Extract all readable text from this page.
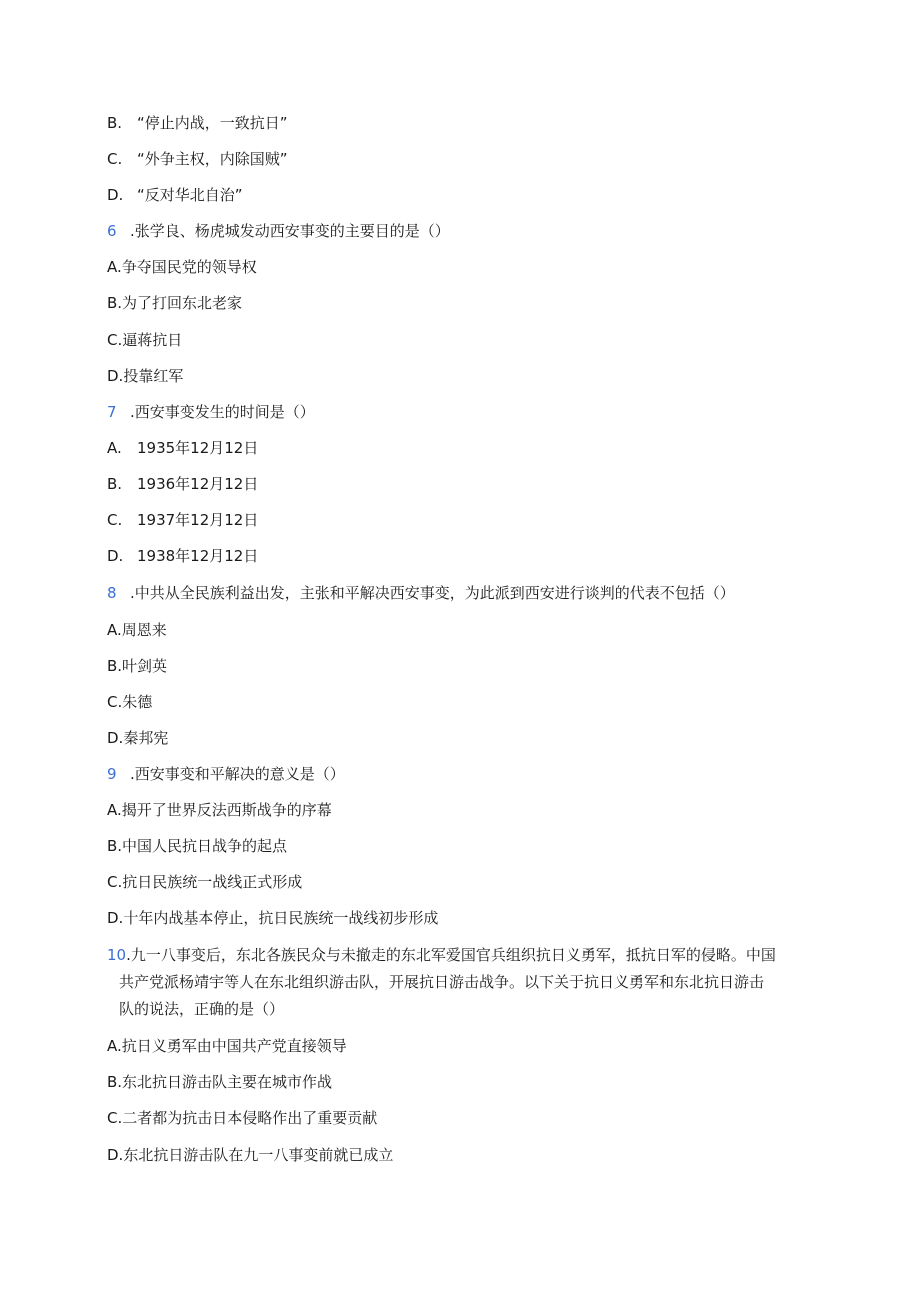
B. “停止内战，一致抗日”
C. “外争主权，内除国贼”
D. “反对华北自治”
6 .张学良、杨虎城发动西安事变的主要目的是（）
A.争夺国民党的领导权
B.为了打回东北老家
C.逼蒋抗日
D.投靠红军
7 .西安事变发生的时间是（）
A. 1935年12月12日
B. 1936年12月12日
C. 1937年12月12日
D. 1938年12月12日
8 .中共从全民族利益出发，主张和平解决西安事变，为此派到西安进行谈判的代表不包括（）
A.周恩来
B.叶剑英
C.朱德
D.秦邦宪
9 .西安事变和平解决的意义是（）
A.揭开了世界反法西斯战争的序幕
B.中国人民抗日战争的起点
C.抗日民族统一战线正式形成
D.十年内战基本停止，抗日民族统一战线初步形成
10.九一八事变后，东北各族民众与未撤走的东北军爱国官兵组织抗日义勇军，抵抗日军的侵略。中国
共产党派杨靖宇等人在东北组织游击队，开展抗日游击战争。以下关于抗日义勇军和东北抗日游击
队的说法，正确的是（）
A.抗日义勇军由中国共产党直接领导
B.东北抗日游击队主要在城市作战
C.二者都为抗击日本侵略作出了重要贡献
D.东北抗日游击队在九一八事变前就已成立
